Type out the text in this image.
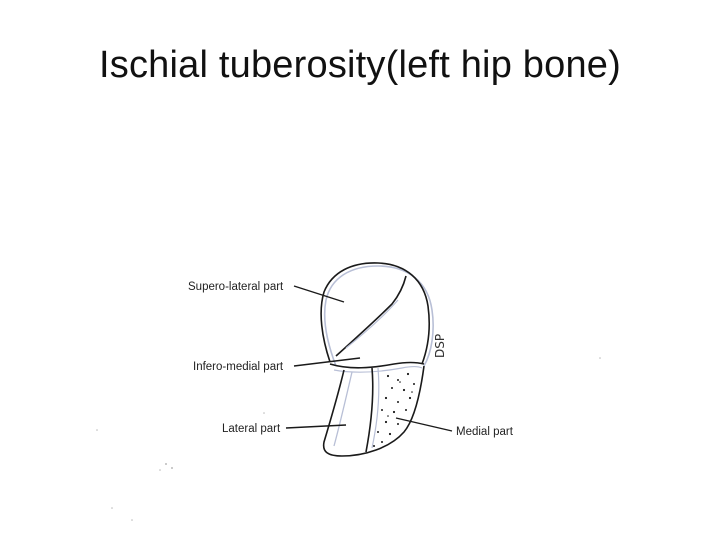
Ischial tuberosity(left hip bone)
DSP
Supero-lateral part
Infero-medial part
Lateral part	Medial part
